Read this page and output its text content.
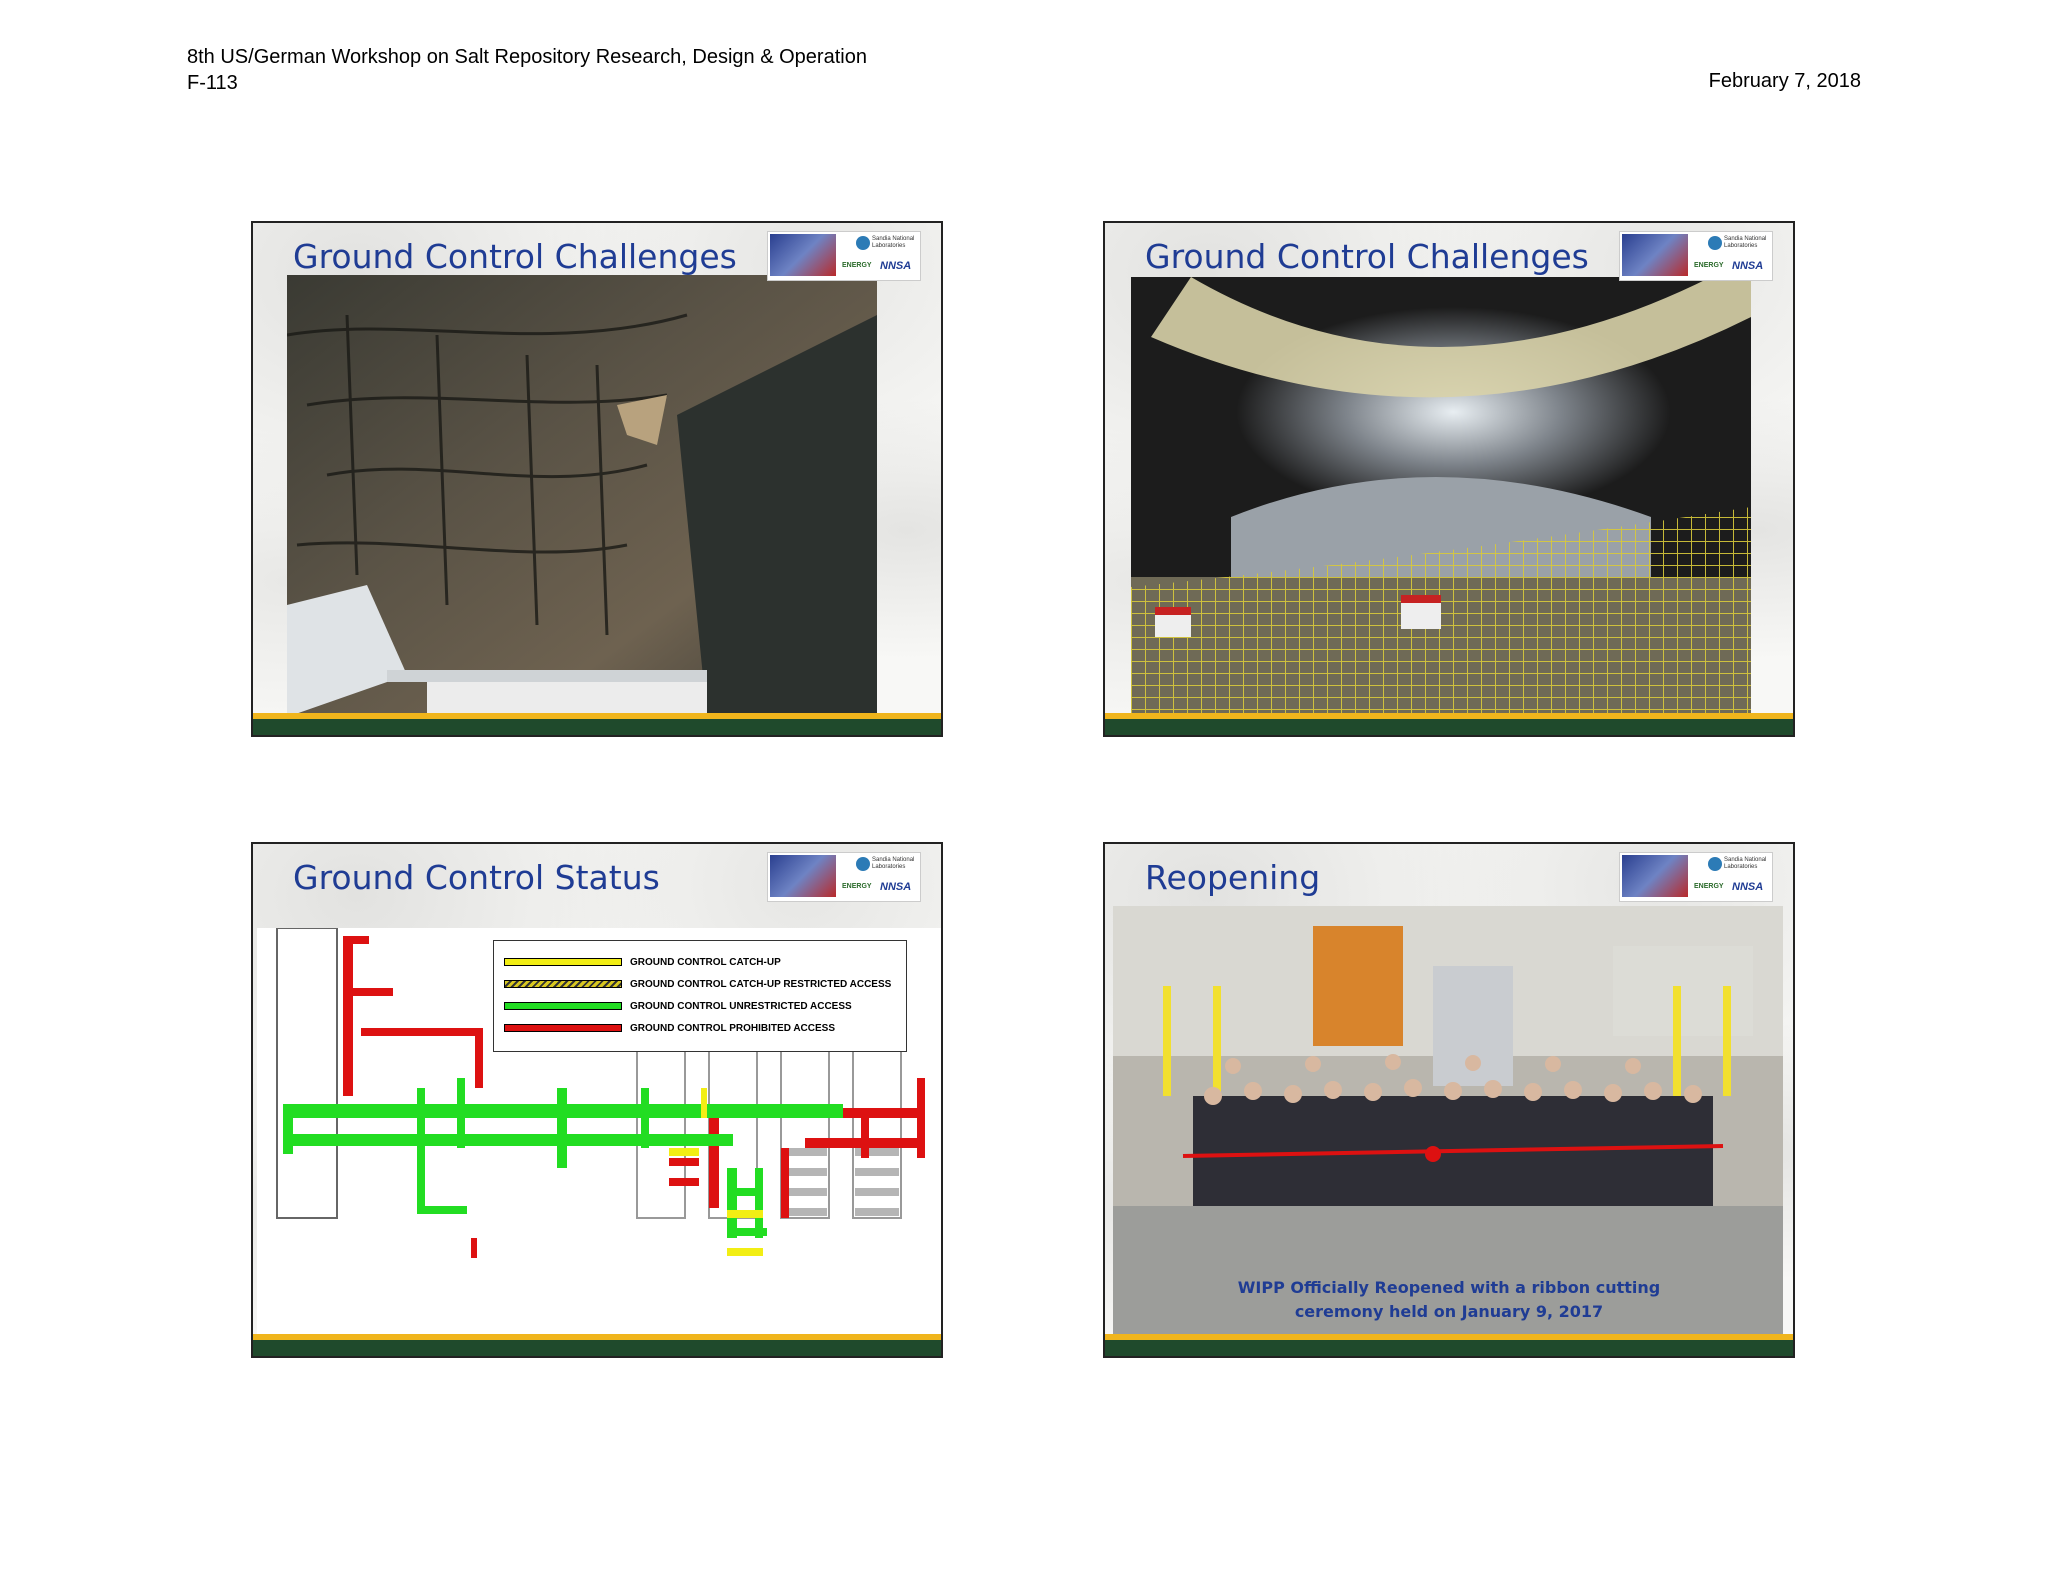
8th US/German Workshop on Salt Repository Research, Design & Operation
F-113	February 7, 2018
Ground Control Challenges	Sandia National Laboratories
ENERGY NNSA	Ground Control Challenges	Sandia National Laboratories
ENERGY NNSA
Ground Control Status	Sandia National Laboratories
ENERGY NNSA
GROUND CONTROL CATCH-UP
GROUND CONTROL CATCH-UP RESTRICTED ACCESS
GROUND CONTROL UNRESTRICTED ACCESS
GROUND CONTROL PROHIBITED ACCESS
Reopening	Sandia National Laboratories
ENERGY NNSA
WIPP Officially Reopened with a ribbon cutting
ceremony held on January 9, 2017
